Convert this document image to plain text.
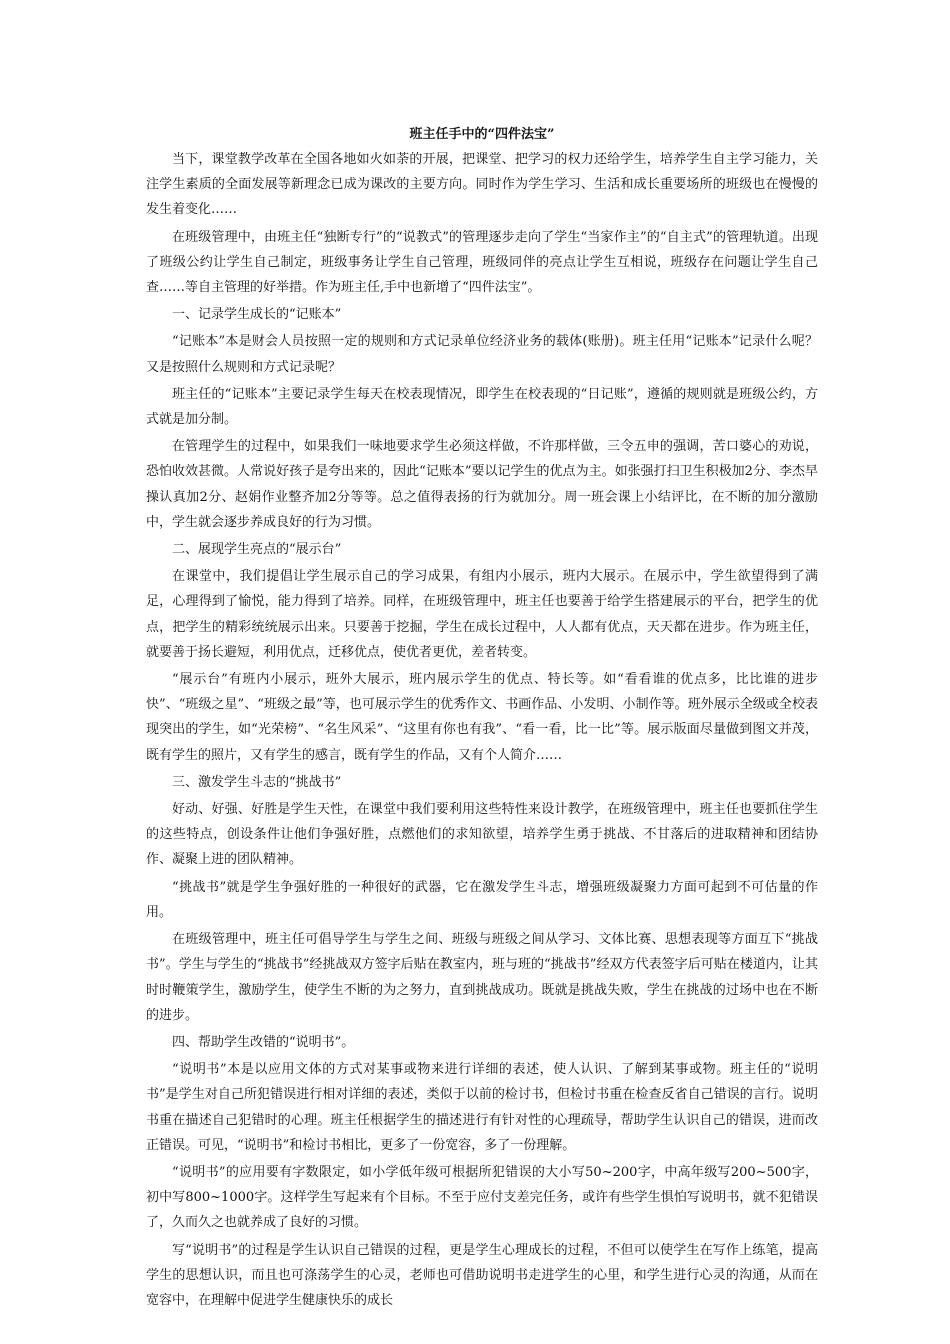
班主任手中的“四件法宝”

当下，课堂教学改革在全国各地如火如荼的开展，把课堂、把学习的权力还给学生，培养学生自主学习能力，关注学生素质的全面发展等新理念已成为课改的主要方向。同时作为学生学习、生活和成长重要场所的班级也在慢慢的发生着变化……

在班级管理中，由班主任“独断专行”的“说教式”的管理逐步走向了学生“当家作主”的“自主式”的管理轨道。出现了班级公约让学生自己制定，班级事务让学生自己管理，班级同伴的亮点让学生互相说，班级存在问题让学生自己查……等自主管理的好举措。作为班主任,手中也新增了“四件法宝”。

一、记录学生成长的“记账本”

“记账本”本是财会人员按照一定的规则和方式记录单位经济业务的载体(账册)。班主任用“记账本”记录什么呢？又是按照什么规则和方式记录呢？

班主任的“记账本”主要记录学生每天在校表现情况，即学生在校表现的“日记账”，遵循的规则就是班级公约，方式就是加分制。

在管理学生的过程中，如果我们一味地要求学生必须这样做，不许那样做，三令五申的强调，苦口婆心的劝说，恐怕收效甚微。人常说好孩子是夸出来的，因此“记账本”要以记学生的优点为主。如张强打扫卫生积极加2分、李杰早操认真加2分、赵娟作业整齐加2分等等。总之值得表扬的行为就加分。周一班会课上小结评比，在不断的加分激励中，学生就会逐步养成良好的行为习惯。

二、展现学生亮点的“展示台”

在课堂中，我们提倡让学生展示自己的学习成果，有组内小展示，班内大展示。在展示中，学生欲望得到了满足，心理得到了愉悦，能力得到了培养。同样，在班级管理中，班主任也要善于给学生搭建展示的平台，把学生的优点，把学生的精彩统统展示出来。只要善于挖掘，学生在成长过程中，人人都有优点，天天都在进步。作为班主任，就要善于扬长避短，利用优点，迁移优点，使优者更优，差者转变。

“展示台”有班内小展示，班外大展示，班内展示学生的优点、特长等。如“看看谁的优点多，比比谁的进步快”、“班级之星”、“班级之最”等，也可展示学生的优秀作文、书画作品、小发明、小制作等。班外展示全级或全校表现突出的学生，如“光荣榜”、“名生风采”、“这里有你也有我”、“看一看，比一比”等。展示版面尽量做到图文并茂，既有学生的照片，又有学生的感言，既有学生的作品，又有个人简介……

三、激发学生斗志的“挑战书”

好动、好强、好胜是学生天性，在课堂中我们要利用这些特性来设计教学，在班级管理中，班主任也要抓住学生的这些特点，创设条件让他们争强好胜，点燃他们的求知欲望，培养学生勇于挑战、不甘落后的进取精神和团结协作、凝聚上进的团队精神。

“挑战书”就是学生争强好胜的一种很好的武器，它在激发学生斗志，增强班级凝聚力方面可起到不可估量的作用。

在班级管理中，班主任可倡导学生与学生之间、班级与班级之间从学习、文体比赛、思想表现等方面互下“挑战书”。学生与学生的“挑战书”经挑战双方签字后贴在教室内，班与班的“挑战书”经双方代表签字后可贴在楼道内，让其时时鞭策学生，激励学生，使学生不断的为之努力，直到挑战成功。既就是挑战失败，学生在挑战的过场中也在不断的进步。

四、帮助学生改错的“说明书”。

“说明书”本是以应用文体的方式对某事或物来进行详细的表述，使人认识、了解到某事或物。班主任的“说明书”是学生对自己所犯错误进行相对详细的表述，类似于以前的检讨书，但检讨书重在检查反省自己错误的言行。说明书重在描述自己犯错时的心理。班主任根据学生的描述进行有针对性的心理疏导，帮助学生认识自己的错误，进而改正错误。可见，“说明书”和检讨书相比，更多了一份宽容，多了一份理解。

“说明书”的应用要有字数限定，如小学低年级可根据所犯错误的大小写50~200字，中高年级写200~500字，初中写800~1000字。这样学生写起来有个目标。不至于应付支差完任务，或许有些学生惧怕写说明书，就不犯错误了，久而久之也就养成了良好的习惯。

写“说明书”的过程是学生认识自己错误的过程，更是学生心理成长的过程，不但可以使学生在写作上练笔，提高学生的思想认识，而且也可涤荡学生的心灵，老师也可借助说明书走进学生的心里，和学生进行心灵的沟通，从而在宽容中，在理解中促进学生健康快乐的成长
